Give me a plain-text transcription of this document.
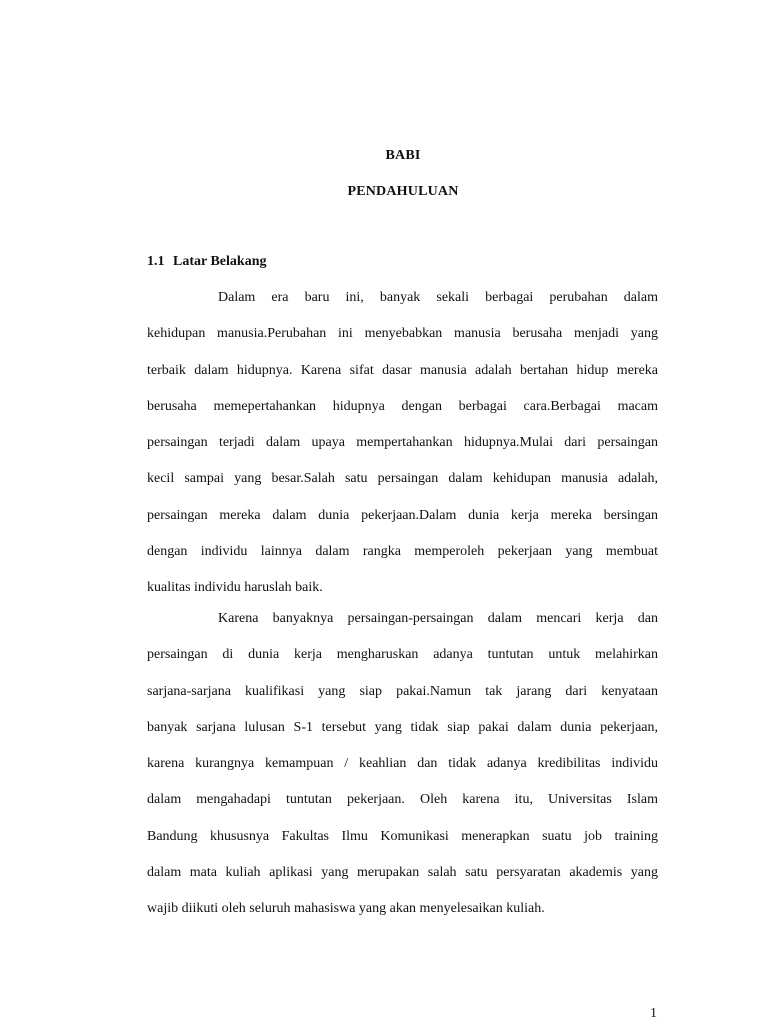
BABI
PENDAHULUAN
1.1 Latar Belakang
Dalam era baru ini, banyak sekali berbagai perubahan dalam
kehidupan manusia.Perubahan ini menyebabkan manusia berusaha menjadi yang terbaik dalam hidupnya. Karena sifat dasar manusia adalah bertahan hidup mereka berusaha memepertahankan hidupnya dengan berbagai cara.Berbagai macam persaingan terjadi dalam upaya mempertahankan hidupnya.Mulai dari persaingan kecil sampai yang besar.Salah satu persaingan dalam kehidupan manusia adalah, persaingan mereka dalam dunia pekerjaan.Dalam dunia kerja mereka bersingan dengan individu lainnya dalam rangka memperoleh pekerjaan yang membuat
kualitas individu haruslah baik.
Karena banyaknya persaingan-persaingan dalam mencari kerja dan
persaingan di dunia kerja mengharuskan adanya tuntutan untuk melahirkan sarjana-sarjana kualifikasi yang siap pakai.Namun tak jarang dari kenyataan banyak sarjana lulusan S-1 tersebut yang tidak siap pakai dalam dunia pekerjaan, karena kurangnya kemampuan / keahlian dan tidak adanya kredibilitas individu dalam mengahadapi tuntutan pekerjaan. Oleh karena itu, Universitas Islam Bandung khususnya Fakultas Ilmu Komunikasi menerapkan suatu job training dalam mata kuliah aplikasi yang merupakan salah satu persyaratan akademis yang
wajib diikuti oleh seluruh mahasiswa yang akan menyelesaikan kuliah.
1
